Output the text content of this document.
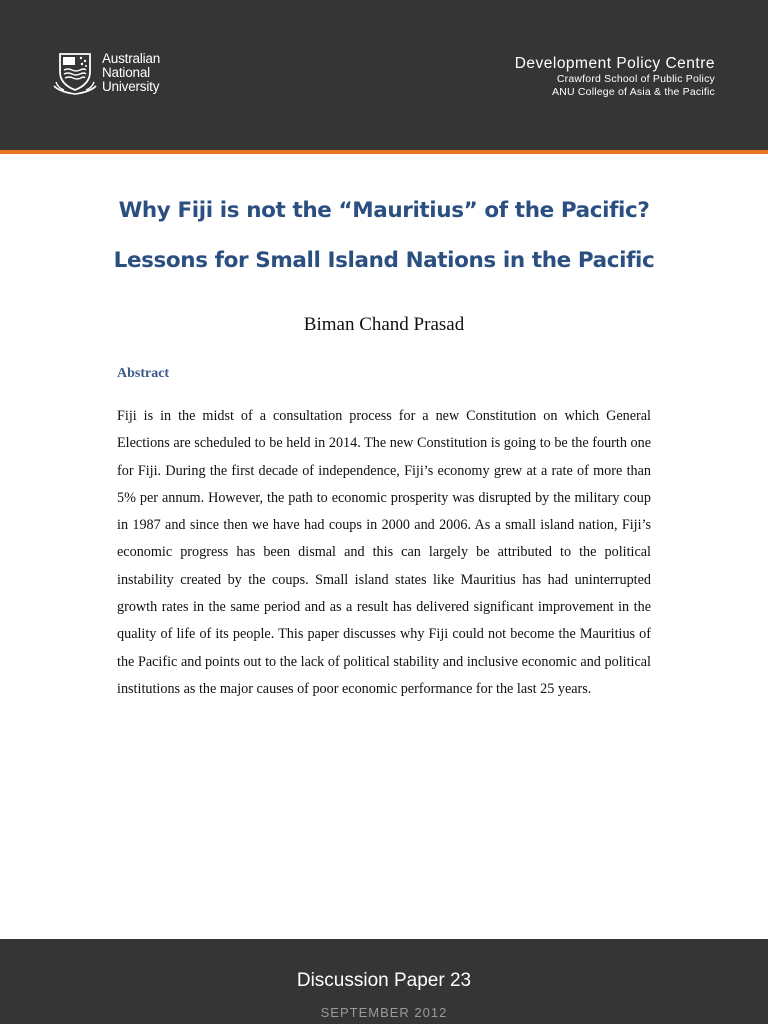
Australian
National
University
Development Policy Centre
Crawford School of Public Policy
ANU College of Asia & the Pacific
Why Fiji is not the “Mauritius” of the Pacific?
Lessons for Small Island Nations in the Pacific
Biman Chand Prasad
Abstract

Fiji is in the midst of a consultation process for a new Constitution on which General Elections are scheduled to be held in 2014. The new Constitution is going to be the fourth one for Fiji. During the first decade of independence, Fiji’s economy grew at a rate of more than 5% per annum. However, the path to economic prosperity was disrupted by the military coup in 1987 and since then we have had coups in 2000 and 2006. As a small island nation, Fiji’s economic progress has been dismal and this can largely be attributed to the political instability created by the coups. Small island states like Mauritius has had uninterrupted growth rates in the same period and as a result has delivered significant improvement in the quality of life of its people. This paper discusses why Fiji could not become the Mauritius of the Pacific and points out to the lack of political stability and inclusive economic and political institutions as the major causes of poor economic performance for the last 25 years.

Discussion Paper 23
SEPTEMBER 2012
